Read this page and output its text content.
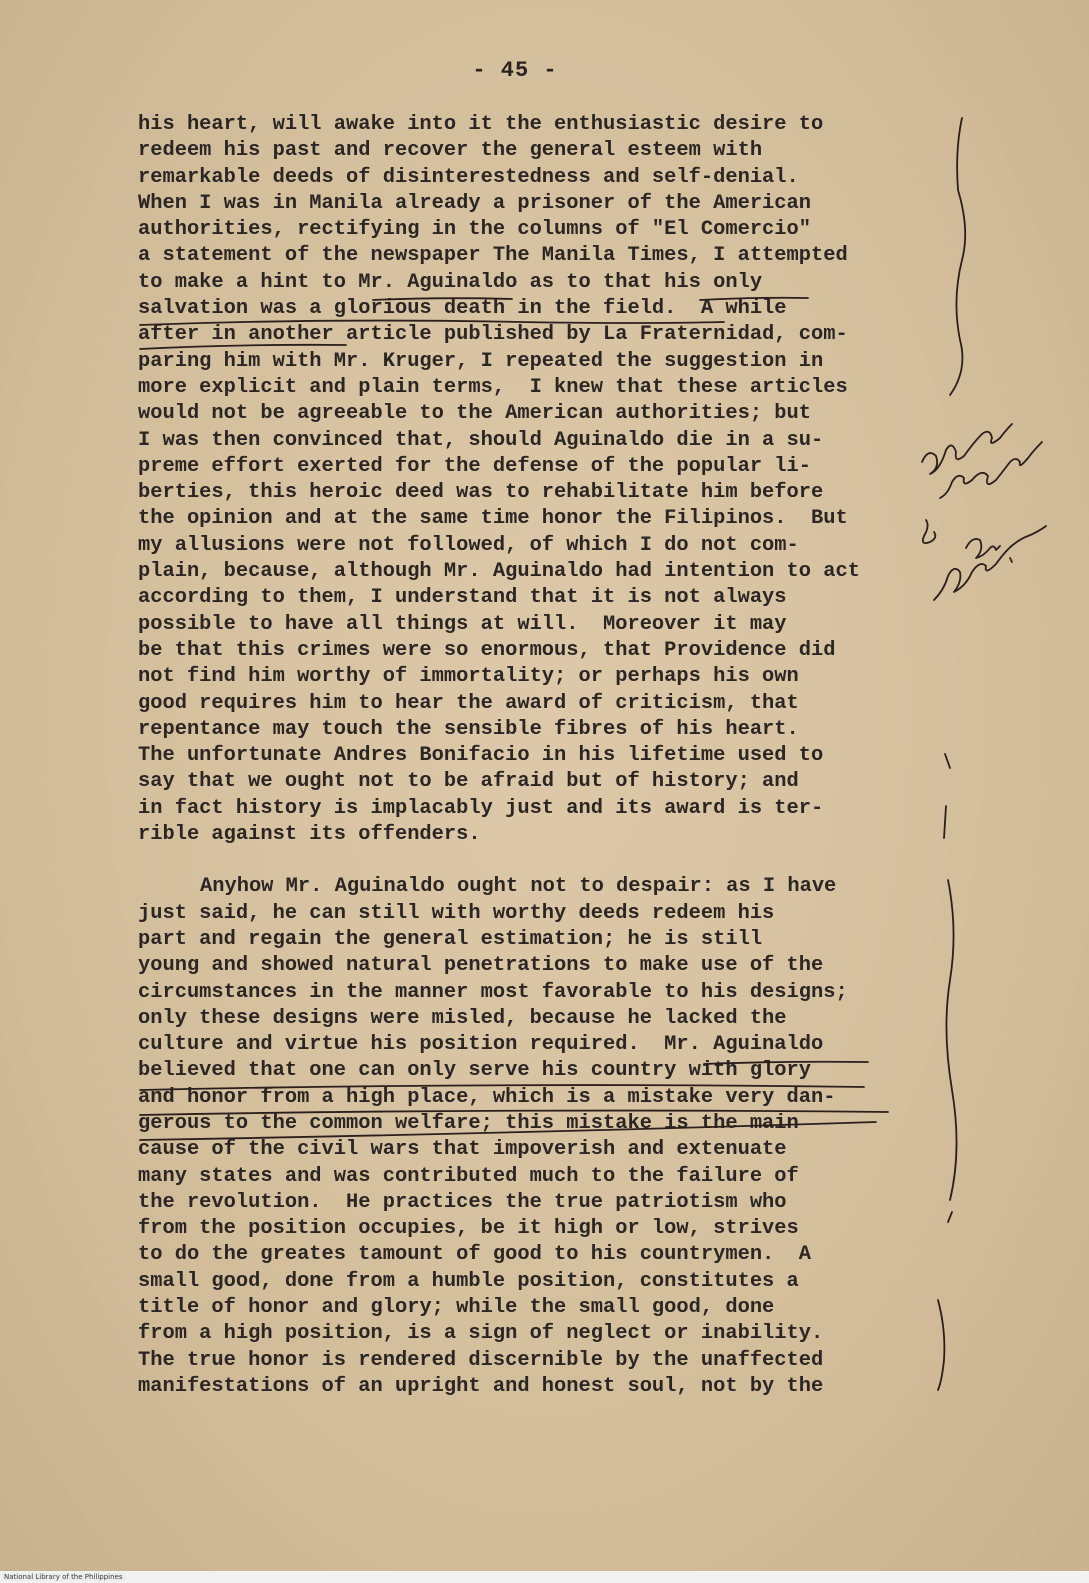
- 45 -
his heart, will awake into it the enthusiastic desire to
redeem his past and recover the general esteem with
remarkable deeds of disinterestedness and self-denial.
When I was in Manila already a prisoner of the American
authorities, rectifying in the columns of "El Comercio"
a statement of the newspaper The Manila Times, I attempted
to make a hint to Mr. Aguinaldo as to that his only
salvation was a glorious death in the field.  A while
after in another article published by La Fraternidad, com-
paring him with Mr. Kruger, I repeated the suggestion in
more explicit and plain terms,  I knew that these articles
would not be agreeable to the American authorities; but
I was then convinced that, should Aguinaldo die in a su-
preme effort exerted for the defense of the popular li-
berties, this heroic deed was to rehabilitate him before
the opinion and at the same time honor the Filipinos.  But
my allusions were not followed, of which I do not com-
plain, because, although Mr. Aguinaldo had intention to act
according to them, I understand that it is not always
possible to have all things at will.  Moreover it may
be that this crimes were so enormous, that Providence did
not find him worthy of immortality; or perhaps his own
good requires him to hear the award of criticism, that
repentance may touch the sensible fibres of his heart.
The unfortunate Andres Bonifacio in his lifetime used to
say that we ought not to be afraid but of history; and
in fact history is implacably just and its award is ter-
rible against its offenders.
Anyhow Mr. Aguinaldo ought not to despair: as I have
just said, he can still with worthy deeds redeem his
part and regain the general estimation; he is still
young and showed natural penetrations to make use of the
circumstances in the manner most favorable to his designs;
only these designs were misled, because he lacked the
culture and virtue his position required.  Mr. Aguinaldo
believed that one can only serve his country with glory
and honor from a high place, which is a mistake very dan-
gerous to the common welfare; this mistake is the main
cause of the civil wars that impoverish and extenuate
many states and was contributed much to the failure of
the revolution.  He practices the true patriotism who
from the position occupies, be it high or low, strives
to do the greates tamount of good to his countrymen.  A
small good, done from a humble position, constitutes a
title of honor and glory; while the small good, done
from a high position, is a sign of neglect or inability.
The true honor is rendered discernible by the unaffected
manifestations of an upright and honest soul, not by the
National Library of the Philippines
